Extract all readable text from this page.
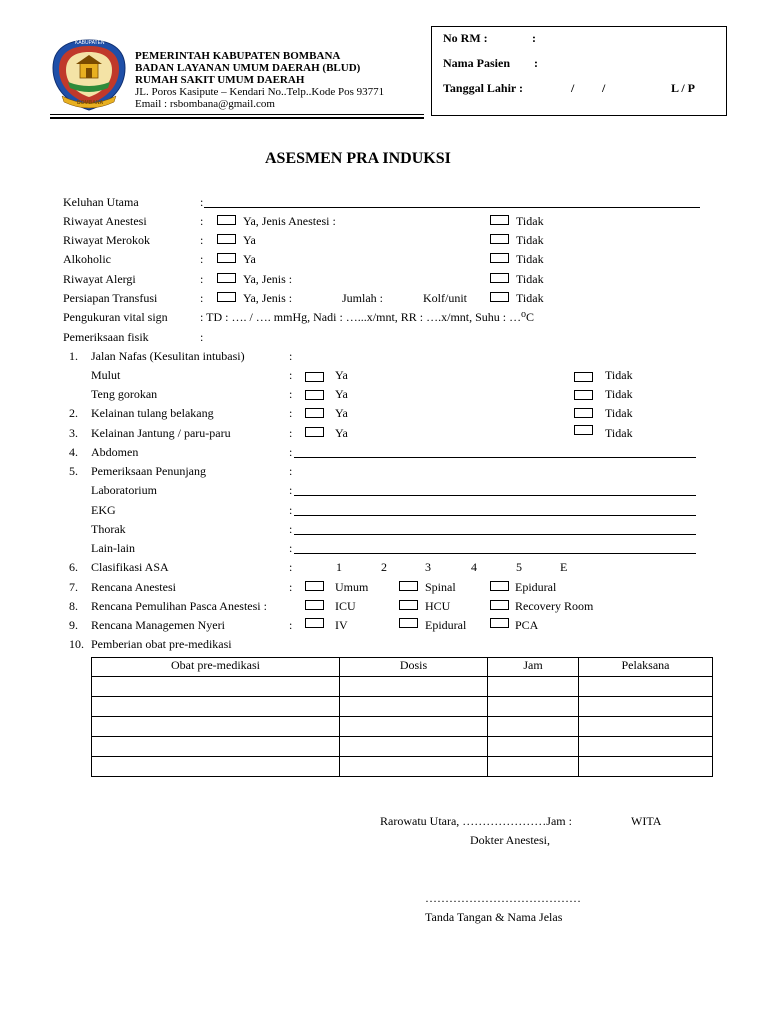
KABUPATEN
BOMBANA
PEMERINTAH KABUPATEN BOMBANA
BADAN LAYANAN UMUM DAERAH (BLUD)
RUMAH SAKIT UMUM DAERAH
JL. Poros Kasipute – Kendari No..Telp..Kode Pos 93771
Email : rsbombana@gmail.com
No RM :	:
Nama Pasien :
Tanggal Lahir :	/ /	L / P
ASESMEN PRA INDUKSI
Keluhan Utama	:
Riwayat Anestesi	:	Ya, Jenis Anestesi :	Tidak
Riwayat Merokok	:	Ya	Tidak
Alkoholic	:	Ya	Tidak
Riwayat Alergi	:	Ya, Jenis :	Tidak
Persiapan Transfusi	:	Ya, Jenis :	Jumlah :	Kolf/unit	Tidak
Pengukuran vital sign	: TD : …. / …. mmHg, Nadi : …...x/mnt, RR : ….x/mnt, Suhu : …⁰C
Pemeriksaan fisik	:
1. Jalan Nafas (Kesulitan intubasi)	:
Mulut	:	Ya	Tidak
Teng gorokan	:	Ya	Tidak
2. Kelainan tulang belakang	:	Ya	Tidak
3. Kelainan Jantung / paru-paru	:	Ya	Tidak
4. Abdomen	:
5. Pemeriksaan Penunjang	:
Laboratorium	:
EKG	:
Thorak	:
Lain-lain	:
6. Clasifikasi ASA	:	1	2	3	4	5	E
7. Rencana Anestesi	:	Umum	Spinal	Epidural
8. Rencana Pemulihan Pasca Anestesi :	ICU	HCU	Recovery Room
9. Rencana Managemen Nyeri	:	IV	Epidural	PCA
10. Pemberian obat pre-medikasi
Obat pre-medikasi	Dosis	Jam	Pelaksana

Rarowatu Utara, …………………Jam :	WITA
Dokter Anestesi,
…………………………………
Tanda Tangan & Nama Jelas
